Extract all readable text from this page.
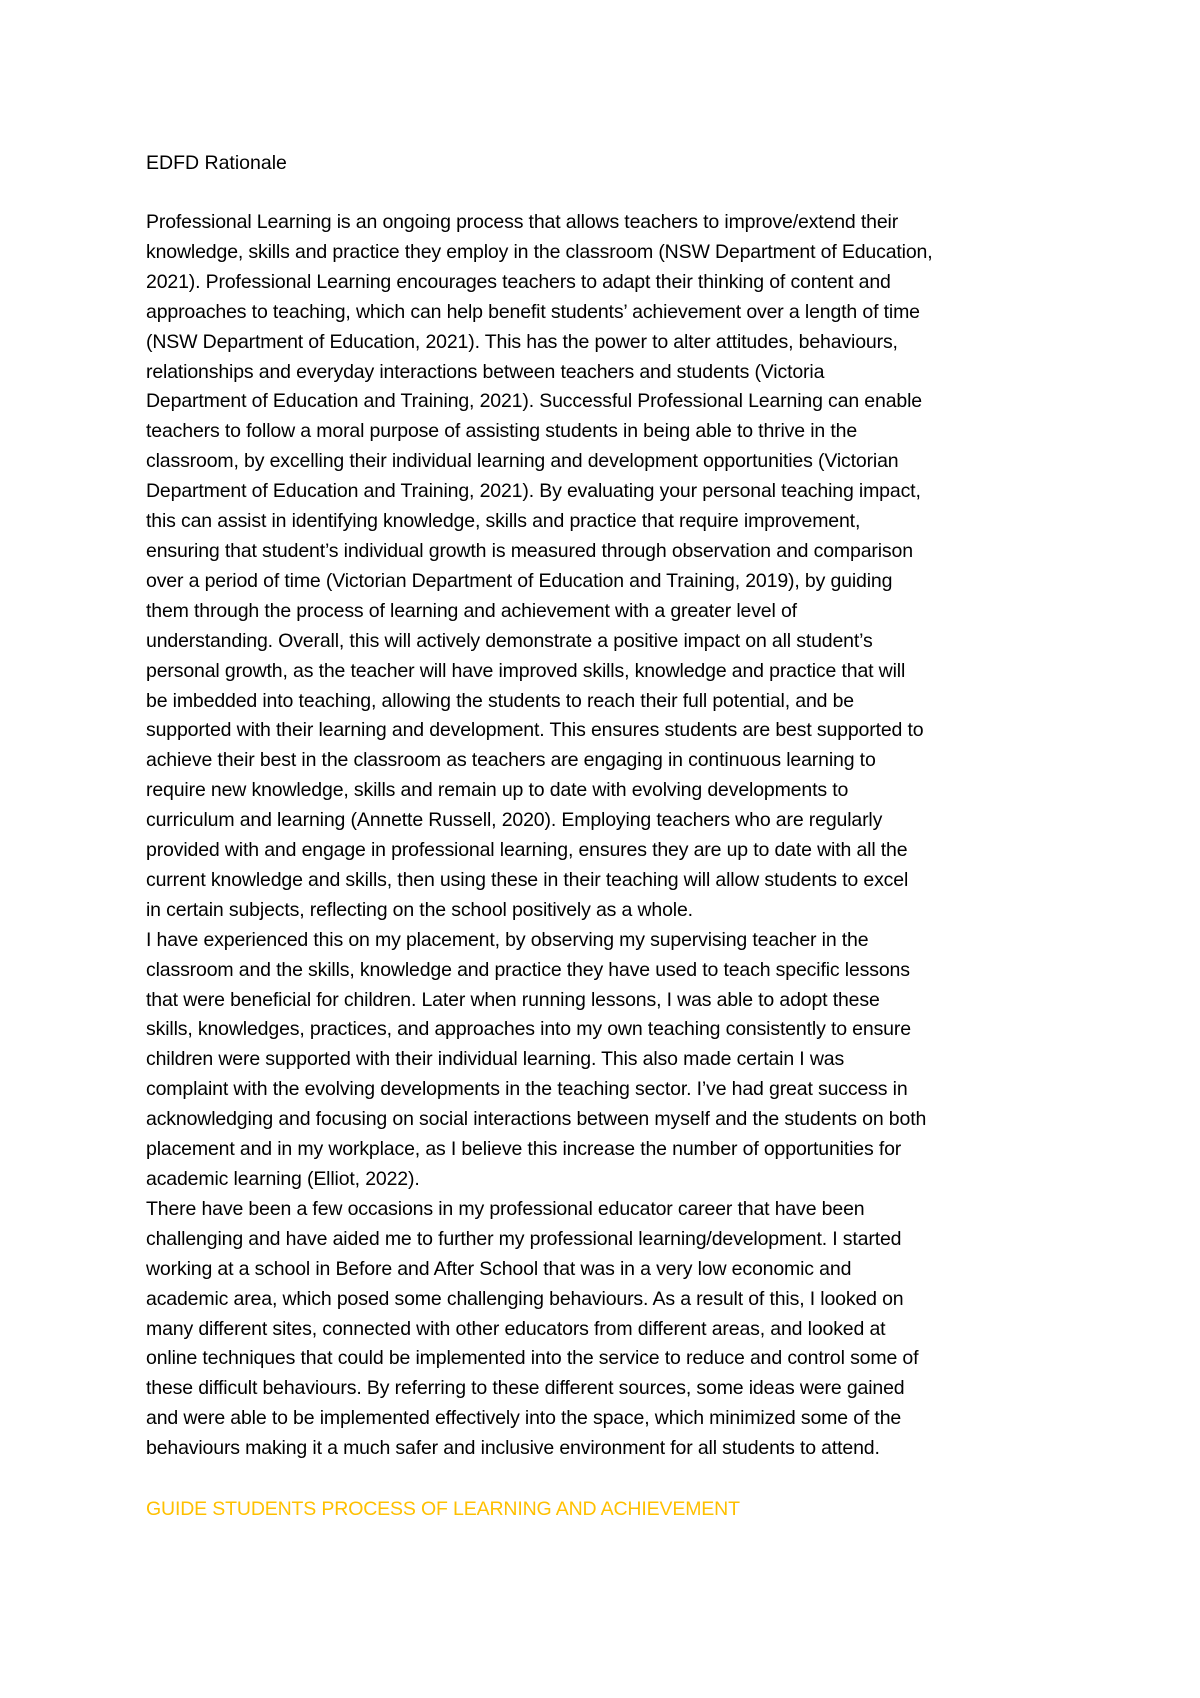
EDFD Rationale

Professional Learning is an ongoing process that allows teachers to improve/extend their
knowledge, skills and practice they employ in the classroom (NSW Department of Education,
2021). Professional Learning encourages teachers to adapt their thinking of content and
approaches to teaching, which can help benefit students’ achievement over a length of time
(NSW Department of Education, 2021). This has the power to alter attitudes, behaviours,
relationships and everyday interactions between teachers and students (Victoria
Department of Education and Training, 2021). Successful Professional Learning can enable
teachers to follow a moral purpose of assisting students in being able to thrive in the
classroom, by excelling their individual learning and development opportunities (Victorian
Department of Education and Training, 2021). By evaluating your personal teaching impact,
this can assist in identifying knowledge, skills and practice that require improvement,
ensuring that student’s individual growth is measured through observation and comparison
over a period of time (Victorian Department of Education and Training, 2019), by guiding
them through the process of learning and achievement with a greater level of
understanding. Overall, this will actively demonstrate a positive impact on all student’s
personal growth, as the teacher will have improved skills, knowledge and practice that will
be imbedded into teaching, allowing the students to reach their full potential, and be
supported with their learning and development. This ensures students are best supported to
achieve their best in the classroom as teachers are engaging in continuous learning to
require new knowledge, skills and remain up to date with evolving developments to
curriculum and learning (Annette Russell, 2020). Employing teachers who are regularly
provided with and engage in professional learning, ensures they are up to date with all the
current knowledge and skills, then using these in their teaching will allow students to excel
in certain subjects, reflecting on the school positively as a whole.

I have experienced this on my placement, by observing my supervising teacher in the
classroom and the skills, knowledge and practice they have used to teach specific lessons
that were beneficial for children. Later when running lessons, I was able to adopt these
skills, knowledges, practices, and approaches into my own teaching consistently to ensure
children were supported with their individual learning. This also made certain I was
complaint with the evolving developments in the teaching sector. I’ve had great success in
acknowledging and focusing on social interactions between myself and the students on both
placement and in my workplace, as I believe this increase the number of opportunities for
academic learning (Elliot, 2022).

There have been a few occasions in my professional educator career that have been
challenging and have aided me to further my professional learning/development. I started
working at a school in Before and After School that was in a very low economic and
academic area, which posed some challenging behaviours. As a result of this, I looked on
many different sites, connected with other educators from different areas, and looked at
online techniques that could be implemented into the service to reduce and control some of
these difficult behaviours. By referring to these different sources, some ideas were gained
and were able to be implemented effectively into the space, which minimized some of the
behaviours making it a much safer and inclusive environment for all students to attend.

GUIDE STUDENTS PROCESS OF LEARNING AND ACHIEVEMENT
